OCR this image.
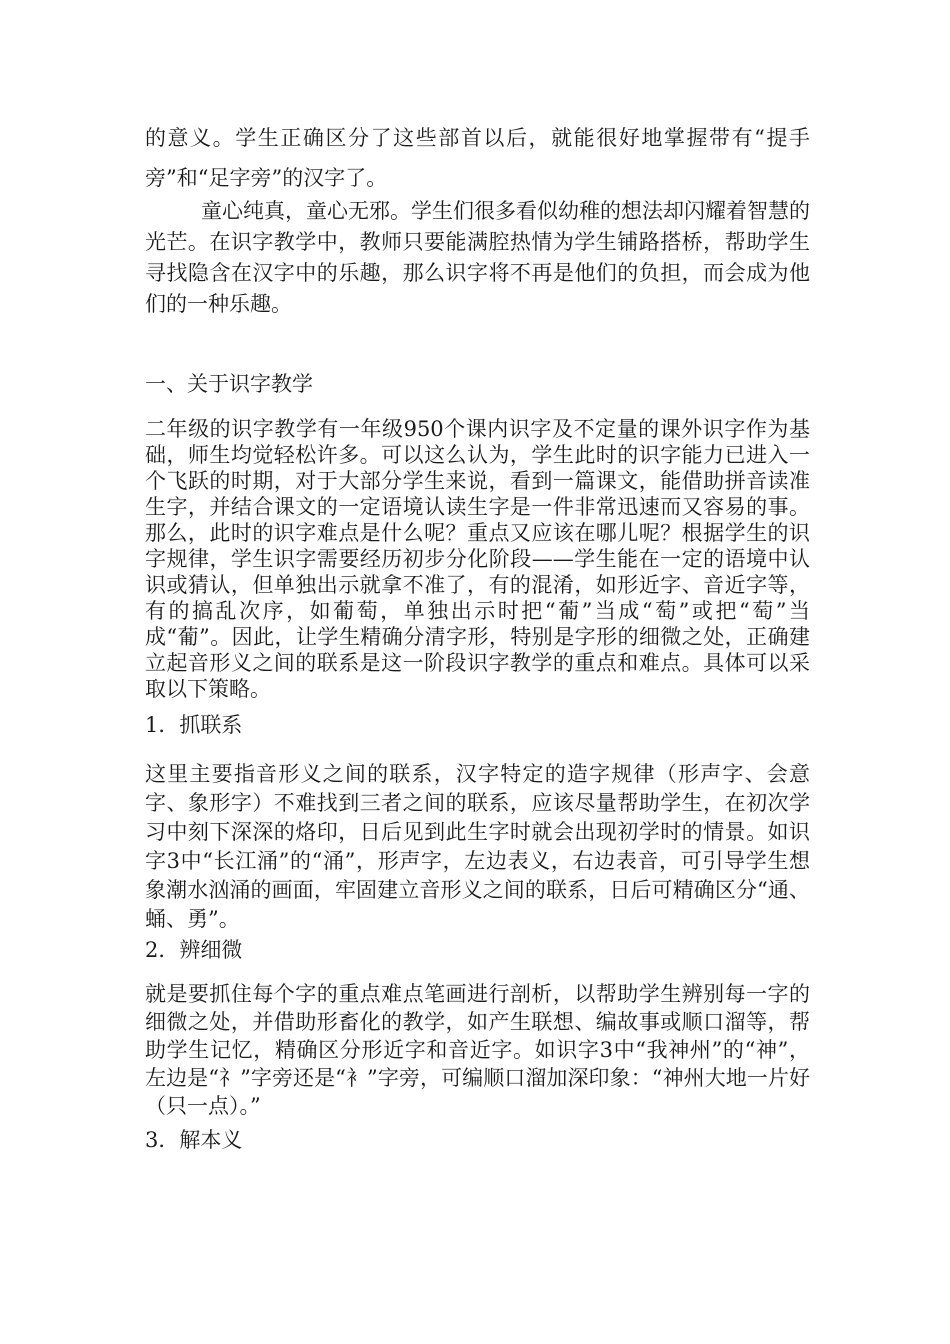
的意义。学生正确区分了这些部首以后，就能很好地掌握带有“提手旁”和“足字旁”的汉字了。

童心纯真，童心无邪。学生们很多看似幼稚的想法却闪耀着智慧的光芒。在识字教学中，教师只要能满腔热情为学生铺路搭桥，帮助学生寻找隐含在汉字中的乐趣，那么识字将不再是他们的负担，而会成为他们的一种乐趣。

一、关于识字教学

二年级的识字教学有一年级950个课内识字及不定量的课外识字作为基础，师生均觉轻松许多。可以这么认为，学生此时的识字能力已进入一个飞跃的时期，对于大部分学生来说，看到一篇课文，能借助拼音读准生字，并结合课文的一定语境认读生字是一件非常迅速而又容易的事。那么，此时的识字难点是什么呢？重点又应该在哪儿呢？根据学生的识字规律，学生识字需要经历初步分化阶段——学生能在一定的语境中认识或猜认，但单独出示就拿不准了，有的混淆，如形近字、音近字等，有的搞乱次序，如葡萄，单独出示时把“葡”当成“萄”或把“萄”当成“葡”。因此，让学生精确分清字形，特别是字形的细微之处，正确建立起音形义之间的联系是这一阶段识字教学的重点和难点。具体可以采取以下策略。

1．抓联系

这里主要指音形义之间的联系，汉字特定的造字规律（形声字、会意字、象形字）不难找到三者之间的联系，应该尽量帮助学生，在初次学习中刻下深深的烙印，日后见到此生字时就会出现初学时的情景。如识字3中“长江涌”的“涌”，形声字，左边表义，右边表音，可引导学生想象潮水汹涌的画面，牢固建立音形义之间的联系，日后可精确区分“通、蛹、勇”。

2．辨细微

就是要抓住每个字的重点难点笔画进行剖析，以帮助学生辨别每一字的细微之处，并借助形畜化的教学，如产生联想、编故事或顺口溜等，帮助学生记忆，精确区分形近字和音近字。如识字3中“我神州”的“神”，左边是“礻”字旁还是“衤”字旁，可编顺口溜加深印象：“神州大地一片好（只一点）。”

3．解本义
